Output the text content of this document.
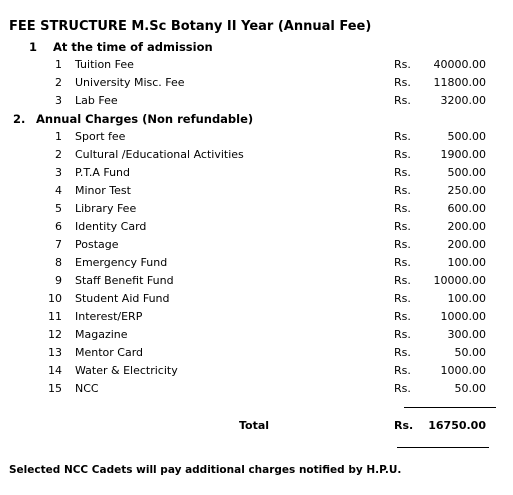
FEE STRUCTURE M.Sc Botany II Year (Annual Fee)
1 At the time of admission
1 Tuition Fee	Rs. 40000.00
2 University Misc. Fee	Rs. 11800.00
3 Lab Fee	Rs.	3200.00
2. Annual Charges (Non refundable)
1 Sport fee	Rs.	500.00
2 Cultural /Educational Activities	Rs.	1900.00
3 P.T.A Fund	Rs.	500.00
4 Minor Test	Rs.	250.00
5 Library Fee	Rs.	600.00
6 Identity Card	Rs.	200.00
7 Postage	Rs.	200.00
8 Emergency Fund	Rs.	100.00
9 Staff Benefit Fund	Rs. 10000.00
10 Student Aid Fund	Rs.	100.00
11 Interest/ERP	Rs.	1000.00
12 Magazine	Rs.	300.00
13 Mentor Card	Rs.	50.00
14 Water & Electricity	Rs.	1000.00
15 NCC	Rs.	50.00
Total	Rs. 16750.00
Selected NCC Cadets will pay additional charges notified by H.P.U.
